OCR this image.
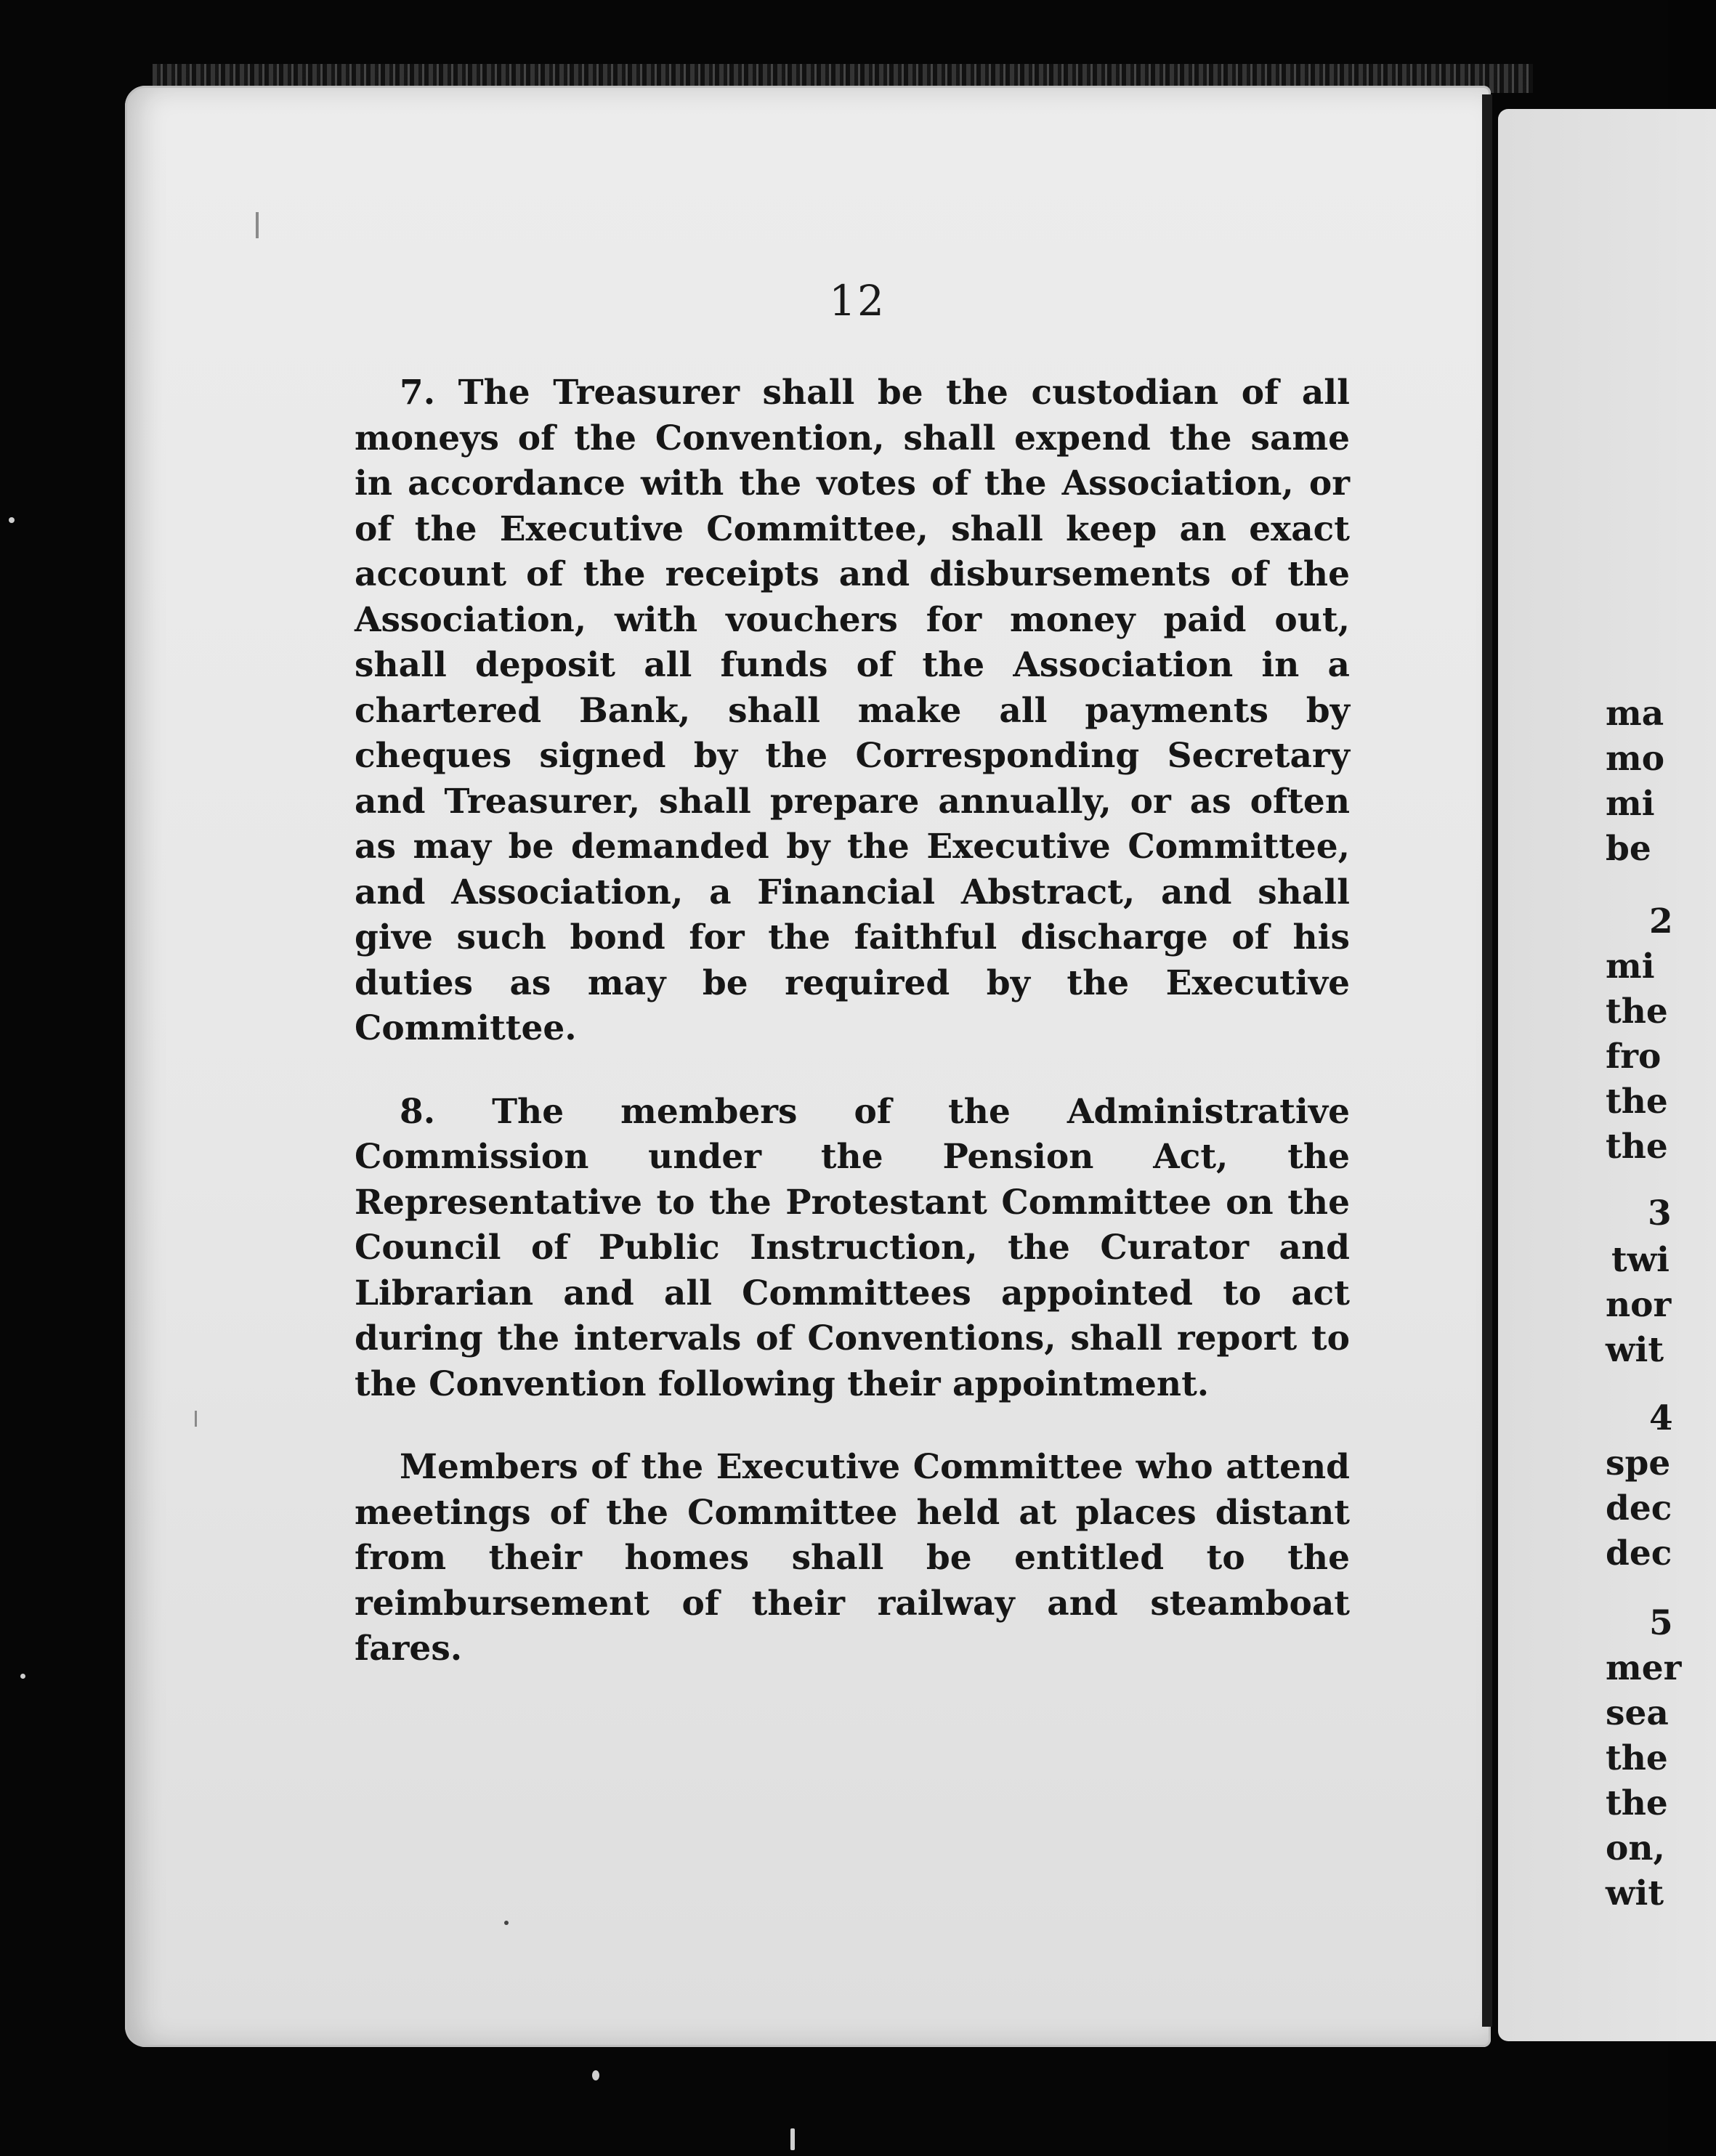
12

7. The Treasurer shall be the custodian of all moneys of the Convention, shall expend the same in accordance with the votes of the Association, or of the Executive Committee, shall keep an exact account of the receipts and disbursements of the Association, with vouchers for money paid out, shall deposit all funds of the Association in a chartered Bank, shall make all payments by cheques signed by the Corresponding Secretary and Treasurer, shall prepare annually, or as often as may be demanded by the Executive Committee, and Association, a Financial Abstract, and shall give such bond for the faithful discharge of his duties as may be required by the Executive Committee.

8. The members of the Administrative Commission under the Pension Act, the Representative to the Protestant Committee on the Council of Public Instruction, the Curator and Librarian and all Committees appointed to act during the intervals of Conventions, shall report to the Convention following their appointment.

Members of the Executive Committee who attend meetings of the Committee held at places distant from their homes shall be entitled to the reimbursement of their railway and steamboat fares.

ma
mo
mi
be
2
mi
the
fro
the
the
3
twi
nor
wit
4
spe
dec
dec
5
mer
sea
the
the
on,
wit
